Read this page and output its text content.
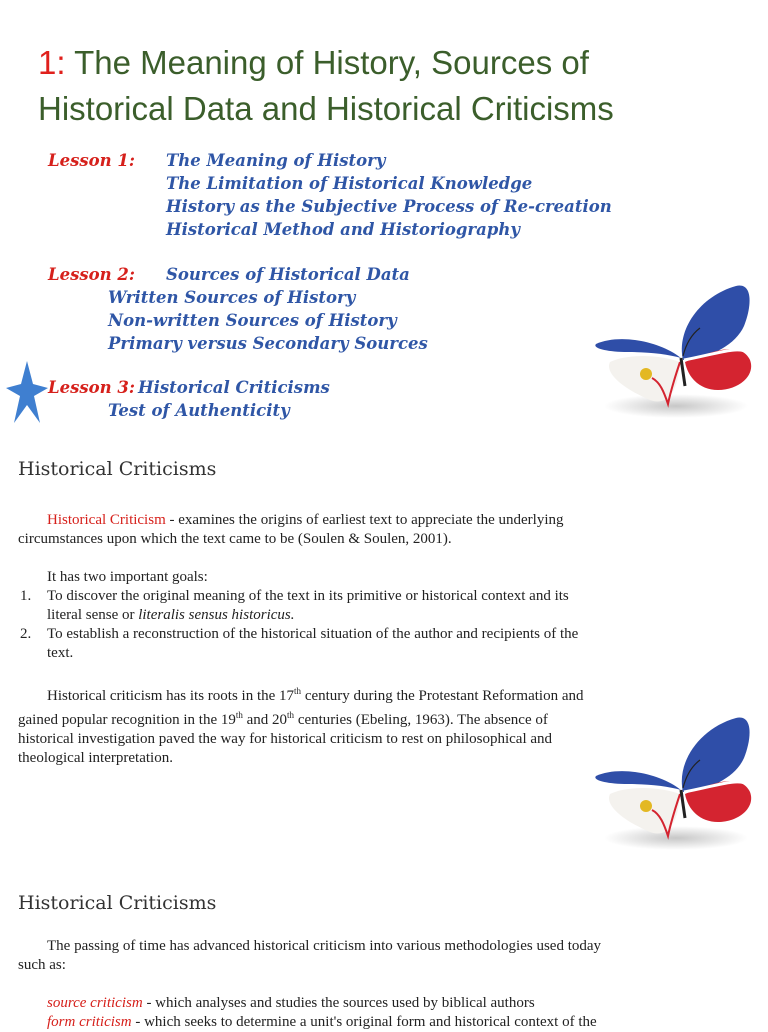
1: The Meaning of History, Sources of
Historical Data and Historical Criticisms
Lesson 1: The Meaning of History
The Limitation of Historical Knowledge
History as the Subjective Process of Re-creation
Historical Method and Historiography
Lesson 2: Sources of Historical Data
Written Sources of History
Non-written Sources of History
Primary versus Secondary Sources
Lesson 3: Historical Criticisms
Test of Authenticity
Historical Criticisms
Historical Criticism - examines the origins of earliest text to appreciate the underlying
circumstances upon which the text came to be (Soulen & Soulen, 2001).
It has two important goals:
1. To discover the original meaning of the text in its primitive or historical context and its
literal sense or literalis sensus historicus.
2. To establish a reconstruction of the historical situation of the author and recipients of the
text.
Historical criticism has its roots in the 17th century during the Protestant Reformation and
gained popular recognition in the 19th and 20th centuries (Ebeling, 1963). The absence of
historical investigation paved the way for historical criticism to rest on philosophical and
theological interpretation.
Historical Criticisms
The passing of time has advanced historical criticism into various methodologies used today
such as:
source criticism - which analyses and studies the sources used by biblical authors
form criticism - which seeks to determine a unit's original form and historical context of the
